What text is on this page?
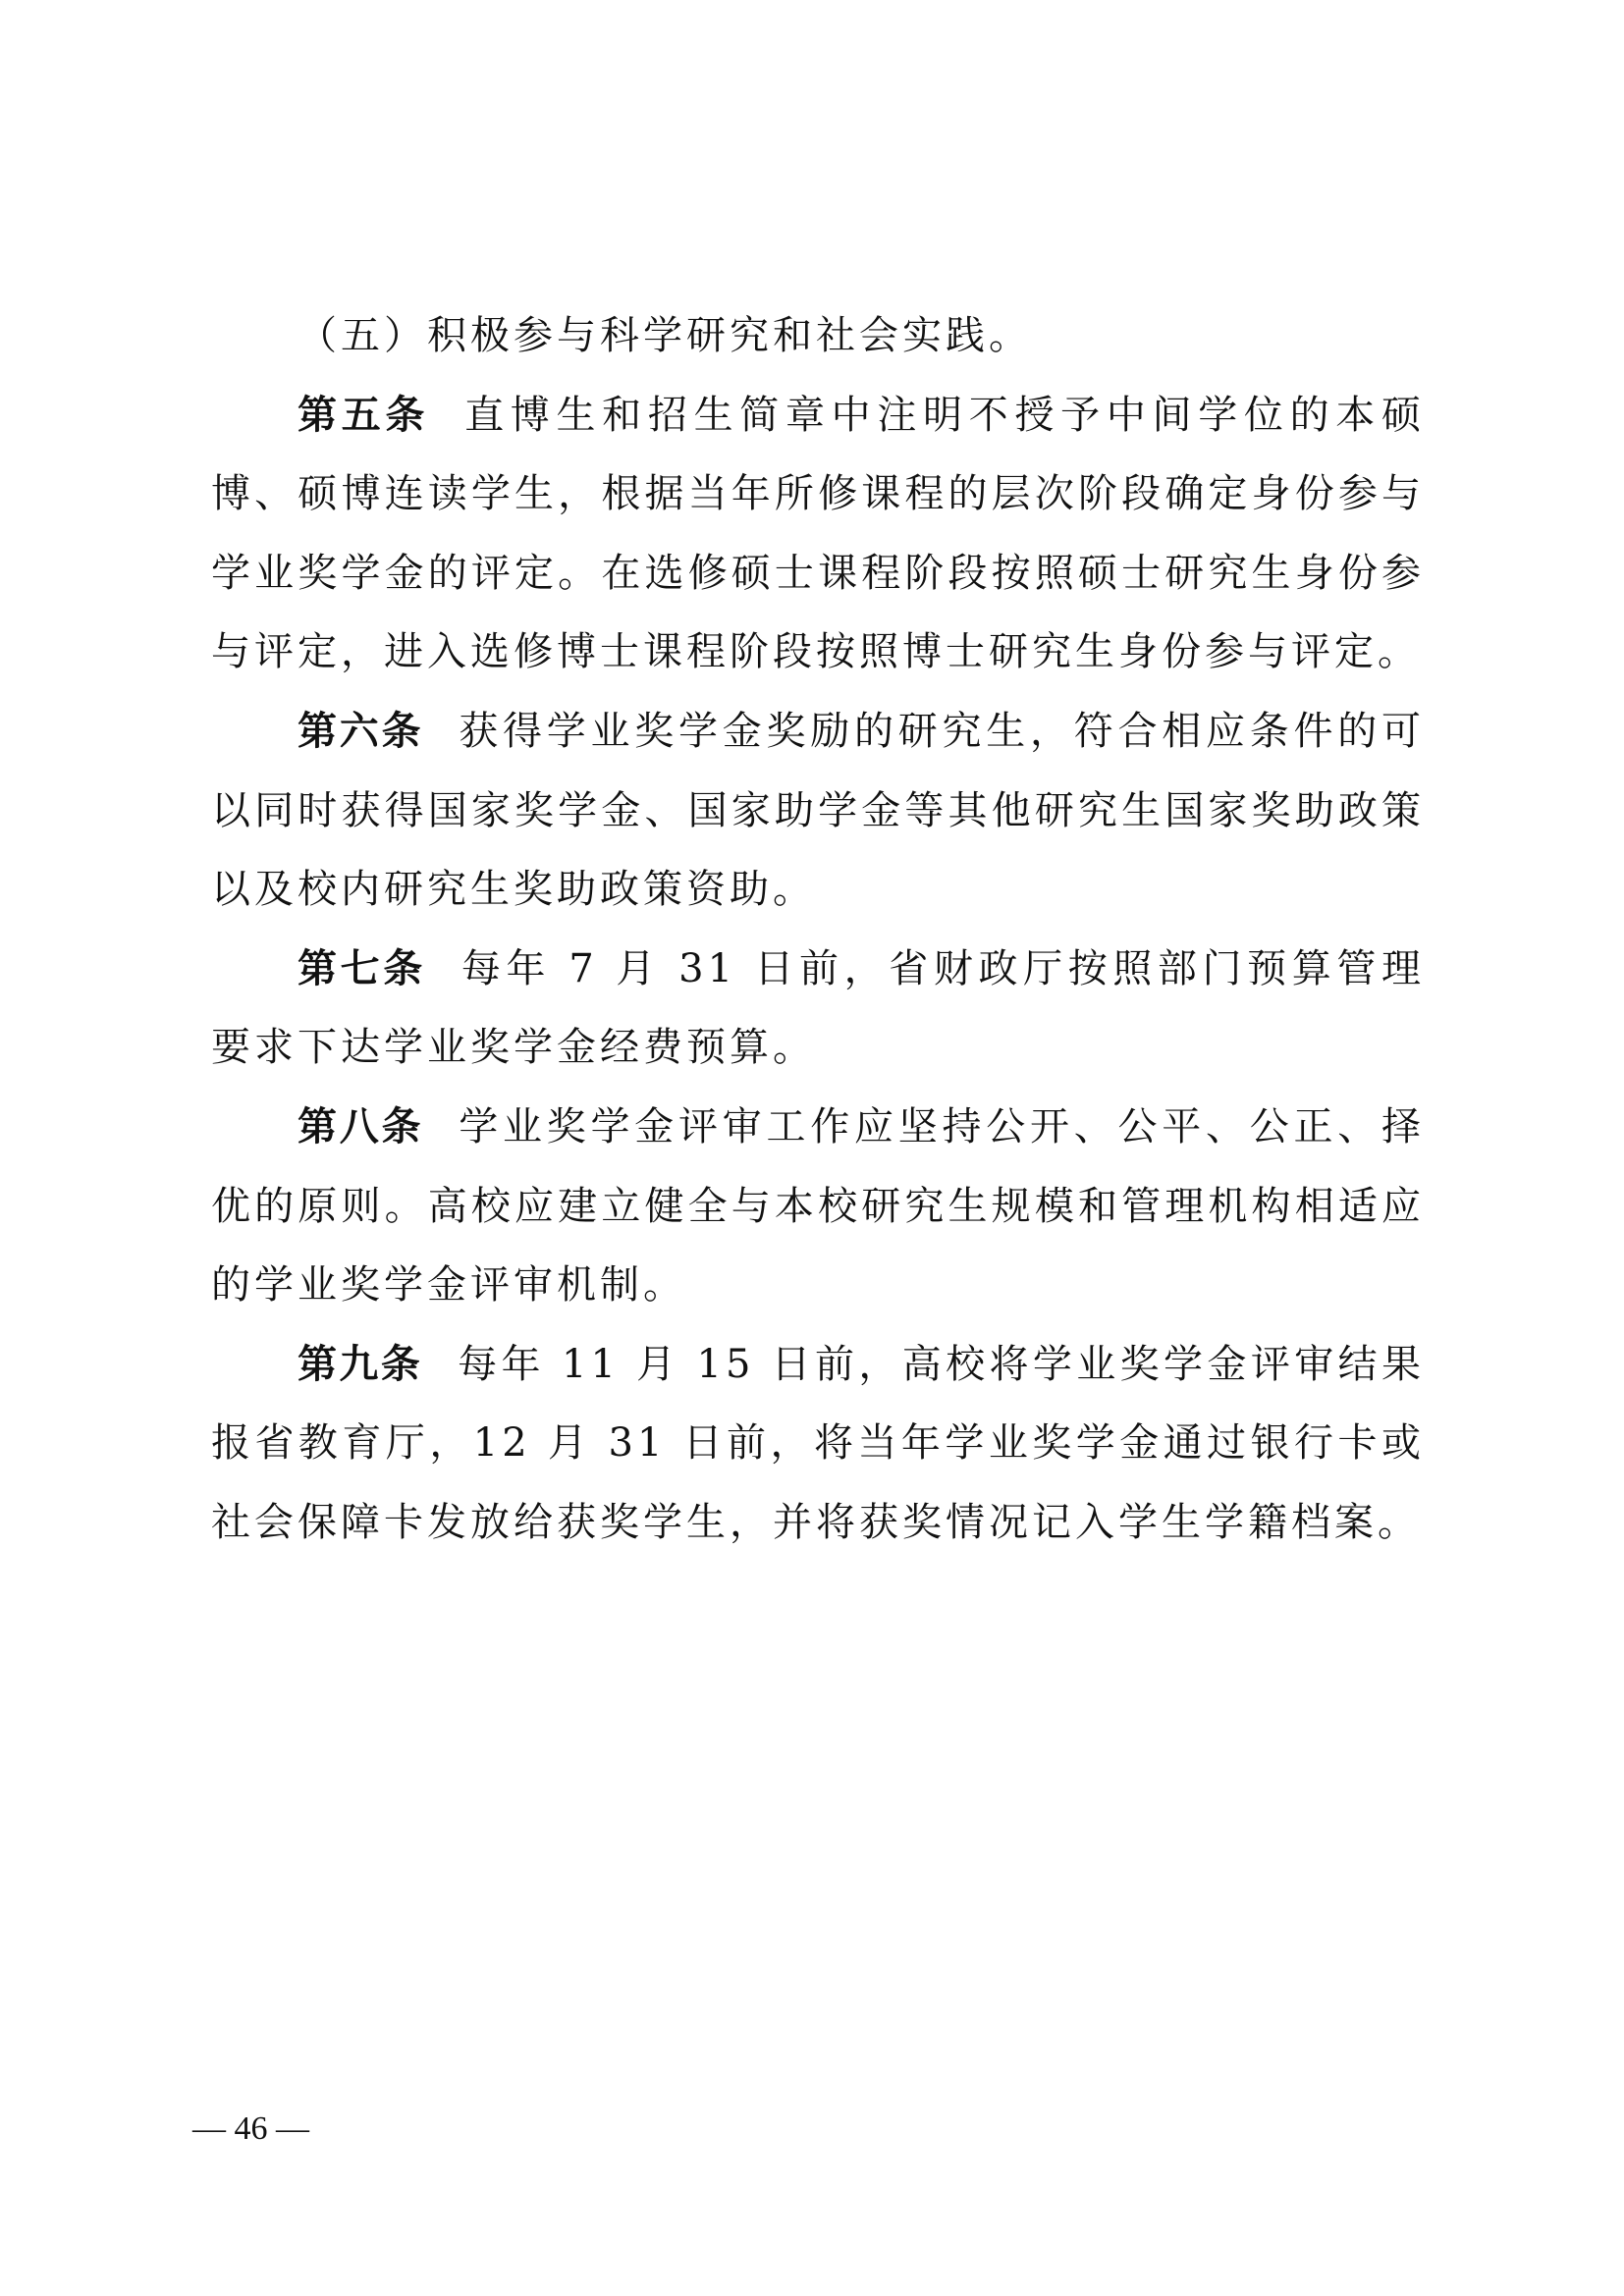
（五）积极参与科学研究和社会实践。

第五条 直博生和招生简章中注明不授予中间学位的本硕博、硕博连读学生，根据当年所修课程的层次阶段确定身份参与学业奖学金的评定。在选修硕士课程阶段按照硕士研究生身份参与评定，进入选修博士课程阶段按照博士研究生身份参与评定。

第六条 获得学业奖学金奖励的研究生，符合相应条件的可以同时获得国家奖学金、国家助学金等其他研究生国家奖助政策以及校内研究生奖助政策资助。

第七条 每年 7 月 31 日前，省财政厅按照部门预算管理要求下达学业奖学金经费预算。

第八条 学业奖学金评审工作应坚持公开、公平、公正、择优的原则。高校应建立健全与本校研究生规模和管理机构相适应的学业奖学金评审机制。

第九条 每年 11 月 15 日前，高校将学业奖学金评审结果报省教育厅，12 月 31 日前，将当年学业奖学金通过银行卡或社会保障卡发放给获奖学生，并将获奖情况记入学生学籍档案。

— 46 —
